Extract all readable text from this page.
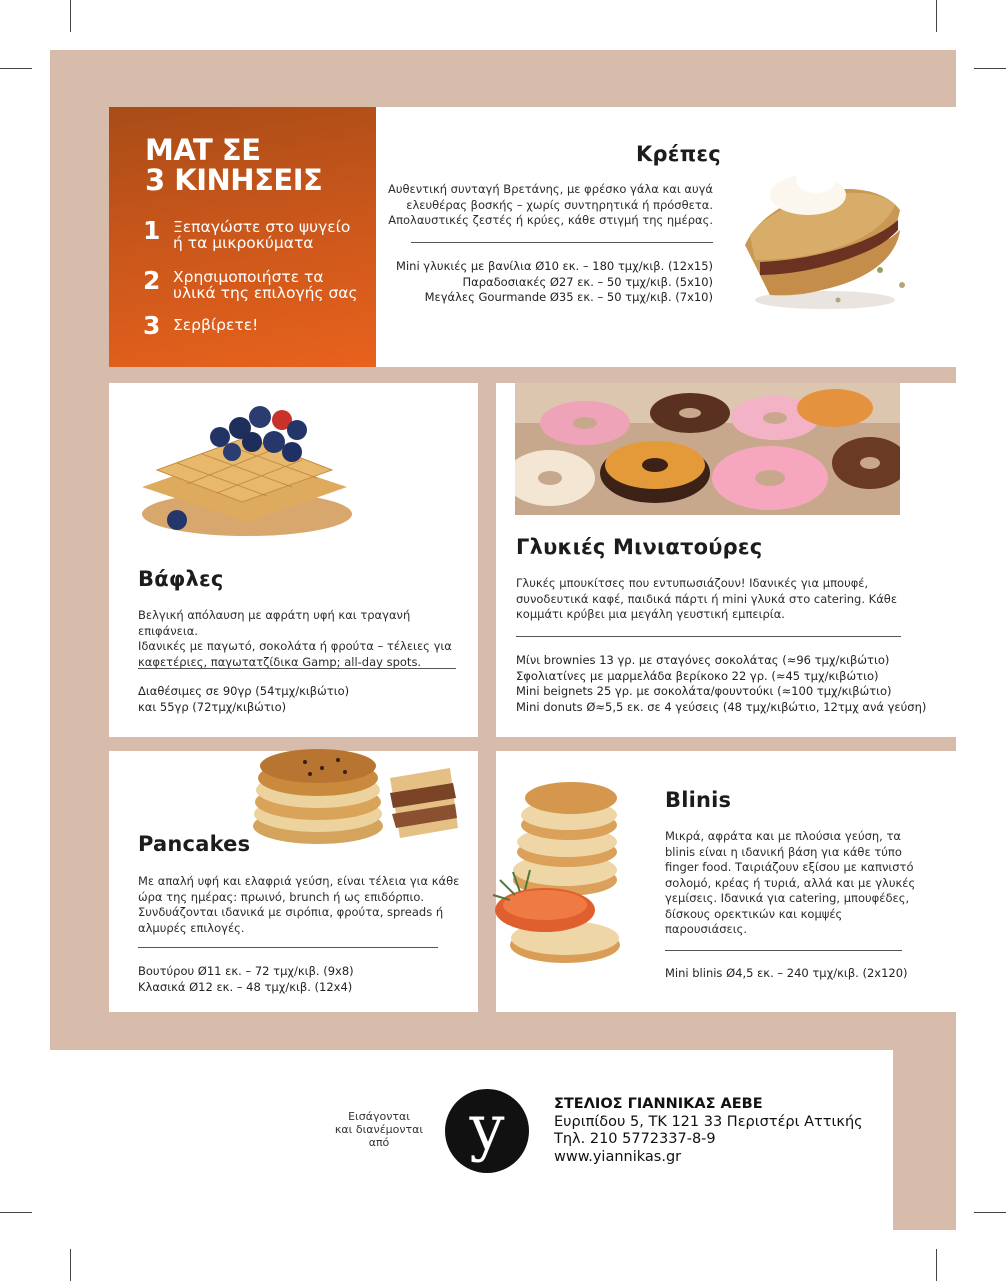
MAT ΣΕ
3 ΚΙΝΗΣΕΙΣ
1 Ξεπαγώστε στο ψυγείο
ή τα μικροκύματα
2 Χρησιμοποιήστε τα
υλικά της επιλογής σας
3 Σερβίρετε!
Κρέπες
Αυθεντική συνταγή Βρετάνης, με φρέσκο γάλα και αυγά
ελευθέρας βοσκής – χωρίς συντηρητικά ή πρόσθετα.
Απολαυστικές ζεστές ή κρύες, κάθε στιγμή της ημέρας.
Mini γλυκιές με βανίλια Ø10 εκ. – 180 τμχ/κιβ. (12x15)
Παραδοσιακές Ø27 εκ. – 50 τμχ/κιβ. (5x10)
Μεγάλες Gourmande Ø35 εκ. – 50 τμχ/κιβ. (7x10)
Βάφλες
Βελγική απόλαυση με αφράτη υφή και τραγανή επιφάνεια.
Ιδανικές με παγωτό, σοκολάτα ή φρούτα – τέλειες για
καφετέριες, παγωτατζίδικα Gamp; all-day spots.
Διαθέσιμες σε 90γρ (54τμχ/κιβώτιο)
και 55γρ (72τμχ/κιβώτιο)
Γλυκιές Μινιατούρες
Γλυκές μπουκίτσες που εντυπωσιάζουν! Ιδανικές για μπουφέ,
συνοδευτικά καφέ, παιδικά πάρτι ή mini γλυκά στο catering. Κάθε
κομμάτι κρύβει μια μεγάλη γευστική εμπειρία.
Μίνι brownies 13 γρ. με σταγόνες σοκολάτας (≈96 τμχ/κιβώτιο)
Σφολιατίνες με μαρμελάδα βερίκοκο 22 γρ. (≈45 τμχ/κιβώτιο)
Mini beignets 25 γρ. με σοκολάτα/φουντούκι (≈100 τμχ/κιβώτιο)
Mini donuts Ø≈5,5 εκ. σε 4 γεύσεις (48 τμχ/κιβώτιο, 12τμχ ανά γεύση)
Pancakes
Με απαλή υφή και ελαφριά γεύση, είναι τέλεια για κάθε
ώρα της ημέρας: πρωινό, brunch ή ως επιδόρπιο.
Συνδυάζονται ιδανικά με σιρόπια, φρούτα, spreads ή
αλμυρές επιλογές.
Βουτύρου Ø11 εκ. – 72 τμχ/κιβ. (9x8)
Κλασικά Ø12 εκ. – 48 τμχ/κιβ. (12x4)
Blinis
Μικρά, αφράτα και με πλούσια γεύση, τα
blinis είναι η ιδανική βάση για κάθε τύπο
finger food. Ταιριάζουν εξίσου με καπνιστό
σολομό, κρέας ή τυριά, αλλά και με γλυκές
γεμίσεις. Ιδανικά για catering, μπουφέδες,
δίσκους ορεκτικών και κομψές
παρουσιάσεις.
Mini blinis Ø4,5 εκ. – 240 τμχ/κιβ. (2x120)
Εισάγονται
και διανέμονται
από	y	ΣΤΕΛΙΟΣ ΓΙΑΝΝΙΚΑΣ ΑΕΒΕ
Ευριπίδου 5, ΤΚ 121 33 Περιστέρι Αττικής
Τηλ. 210 5772337-8-9
www.yiannikas.gr
